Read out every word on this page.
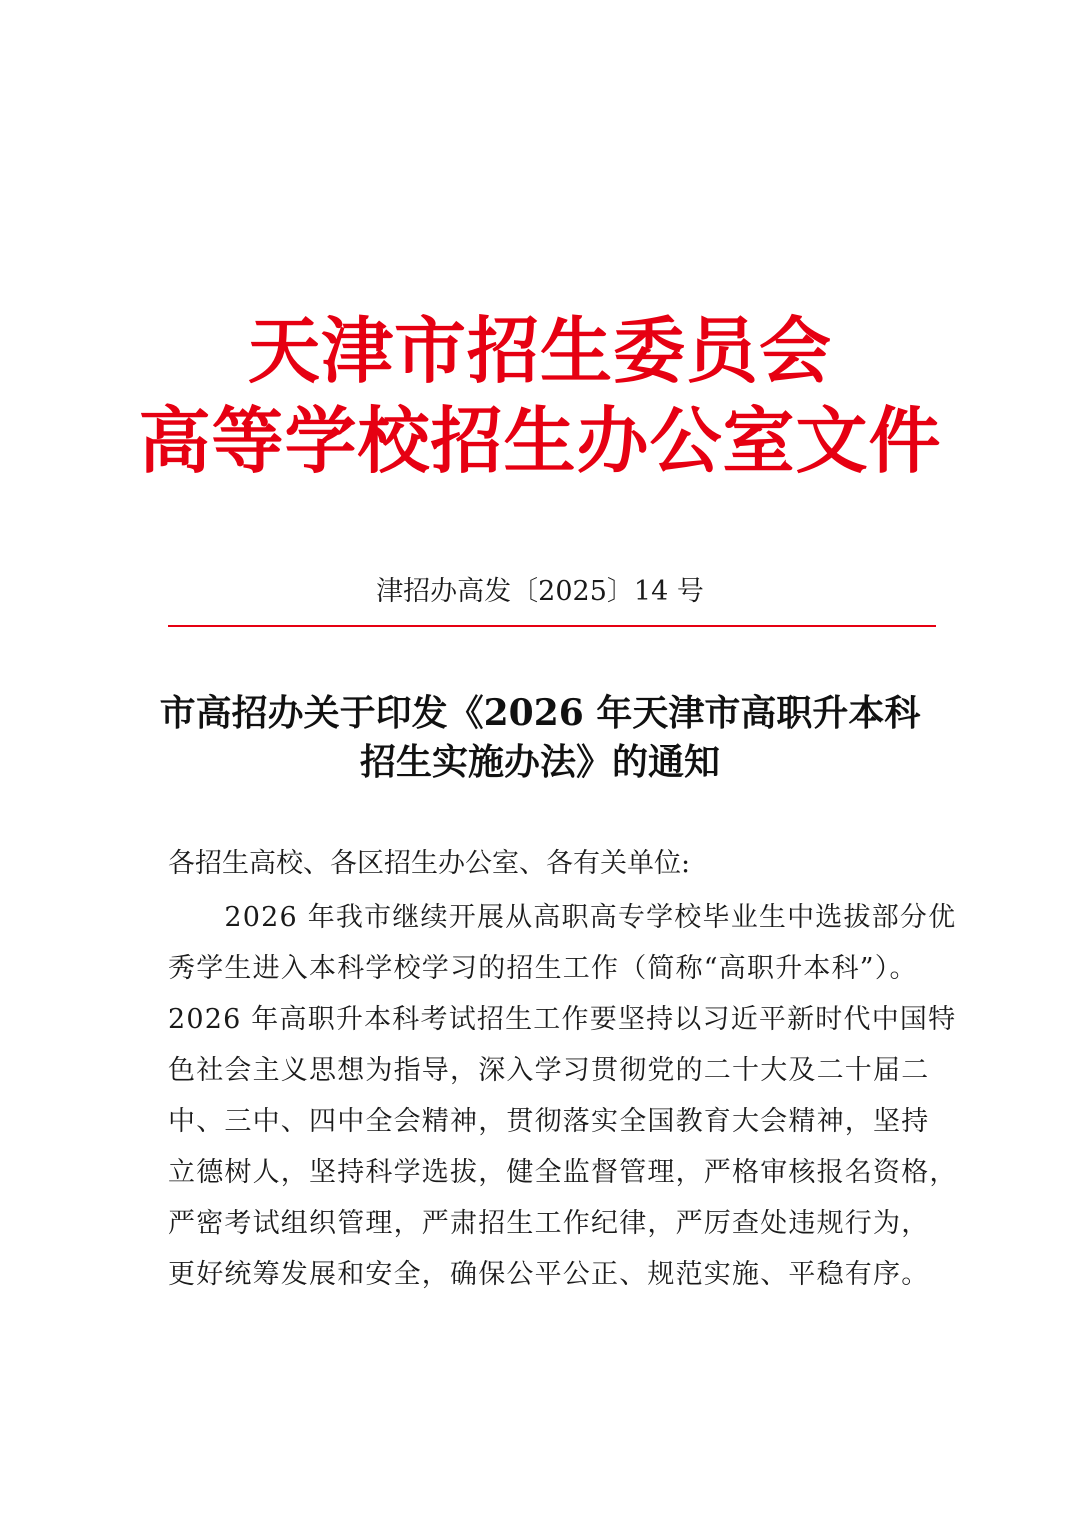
天津市招生委员会
高等学校招生办公室文件
津招办高发〔2025〕14 号
市高招办关于印发《2026 年天津市高职升本科
招生实施办法》的通知
各招生高校、各区招生办公室、各有关单位:
　　2026 年我市继续开展从高职高专学校毕业生中选拔部分优
秀学生进入本科学校学习的招生工作（简称“高职升本科”）。
2026 年高职升本科考试招生工作要坚持以习近平新时代中国特
色社会主义思想为指导，深入学习贯彻党的二十大及二十届二
中、三中、四中全会精神，贯彻落实全国教育大会精神，坚持
立德树人，坚持科学选拔，健全监督管理，严格审核报名资格，
严密考试组织管理，严肃招生工作纪律，严厉查处违规行为，
更好统筹发展和安全，确保公平公正、规范实施、平稳有序。
